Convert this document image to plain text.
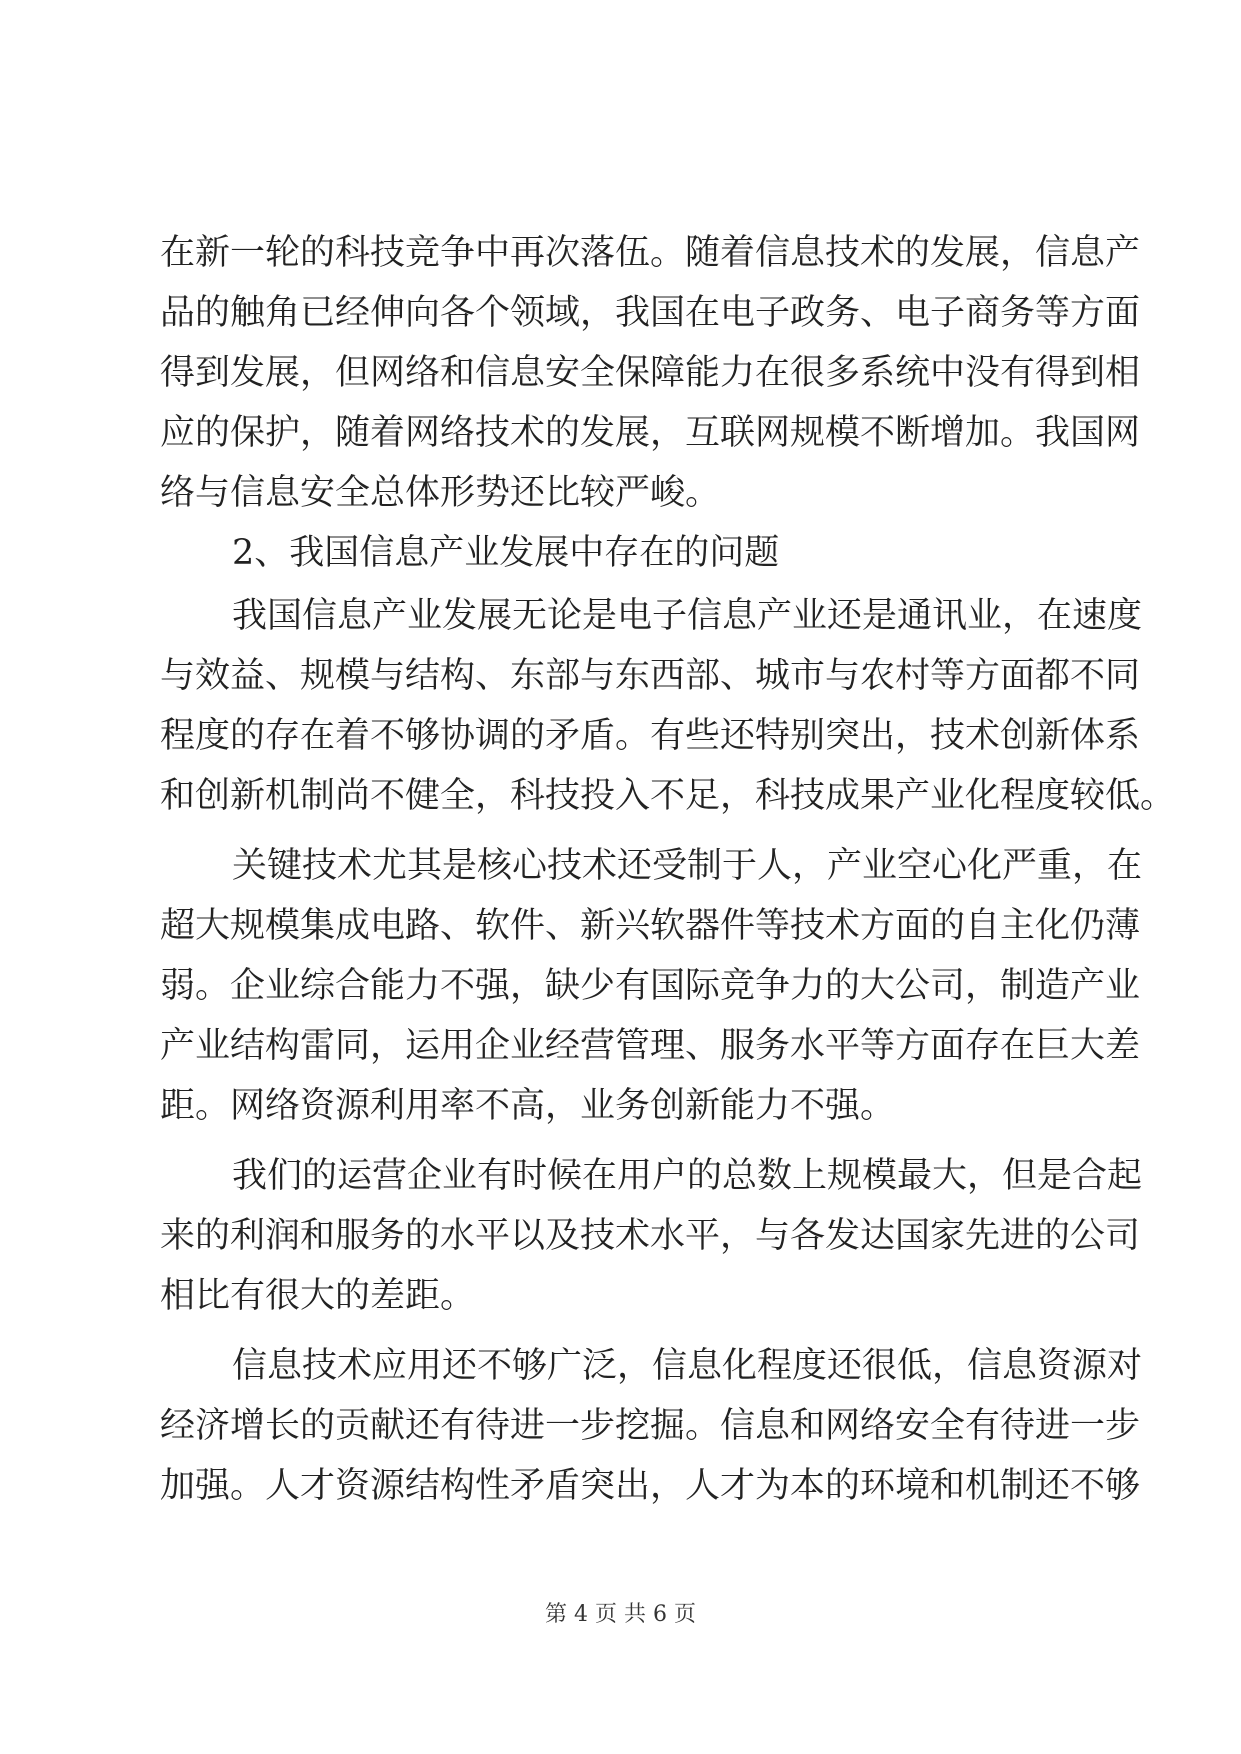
在新一轮的科技竞争中再次落伍。随着信息技术的发展，信息产
品的触角已经伸向各个领域，我国在电子政务、电子商务等方面
得到发展，但网络和信息安全保障能力在很多系统中没有得到相
应的保护，随着网络技术的发展，互联网规模不断增加。我国网
络与信息安全总体形势还比较严峻。
2、我国信息产业发展中存在的问题
我国信息产业发展无论是电子信息产业还是通讯业，在速度
与效益、规模与结构、东部与东西部、城市与农村等方面都不同
程度的存在着不够协调的矛盾。有些还特别突出，技术创新体系
和创新机制尚不健全，科技投入不足，科技成果产业化程度较低。
关键技术尤其是核心技术还受制于人，产业空心化严重，在
超大规模集成电路、软件、新兴软器件等技术方面的自主化仍薄
弱。企业综合能力不强，缺少有国际竞争力的大公司，制造产业
产业结构雷同，运用企业经营管理、服务水平等方面存在巨大差
距。网络资源利用率不高，业务创新能力不强。
我们的运营企业有时候在用户的总数上规模最大，但是合起
来的利润和服务的水平以及技术水平，与各发达国家先进的公司
相比有很大的差距。
信息技术应用还不够广泛，信息化程度还很低，信息资源对
经济增长的贡献还有待进一步挖掘。信息和网络安全有待进一步
加强。人才资源结构性矛盾突出，人才为本的环境和机制还不够
第 4 页 共 6 页
